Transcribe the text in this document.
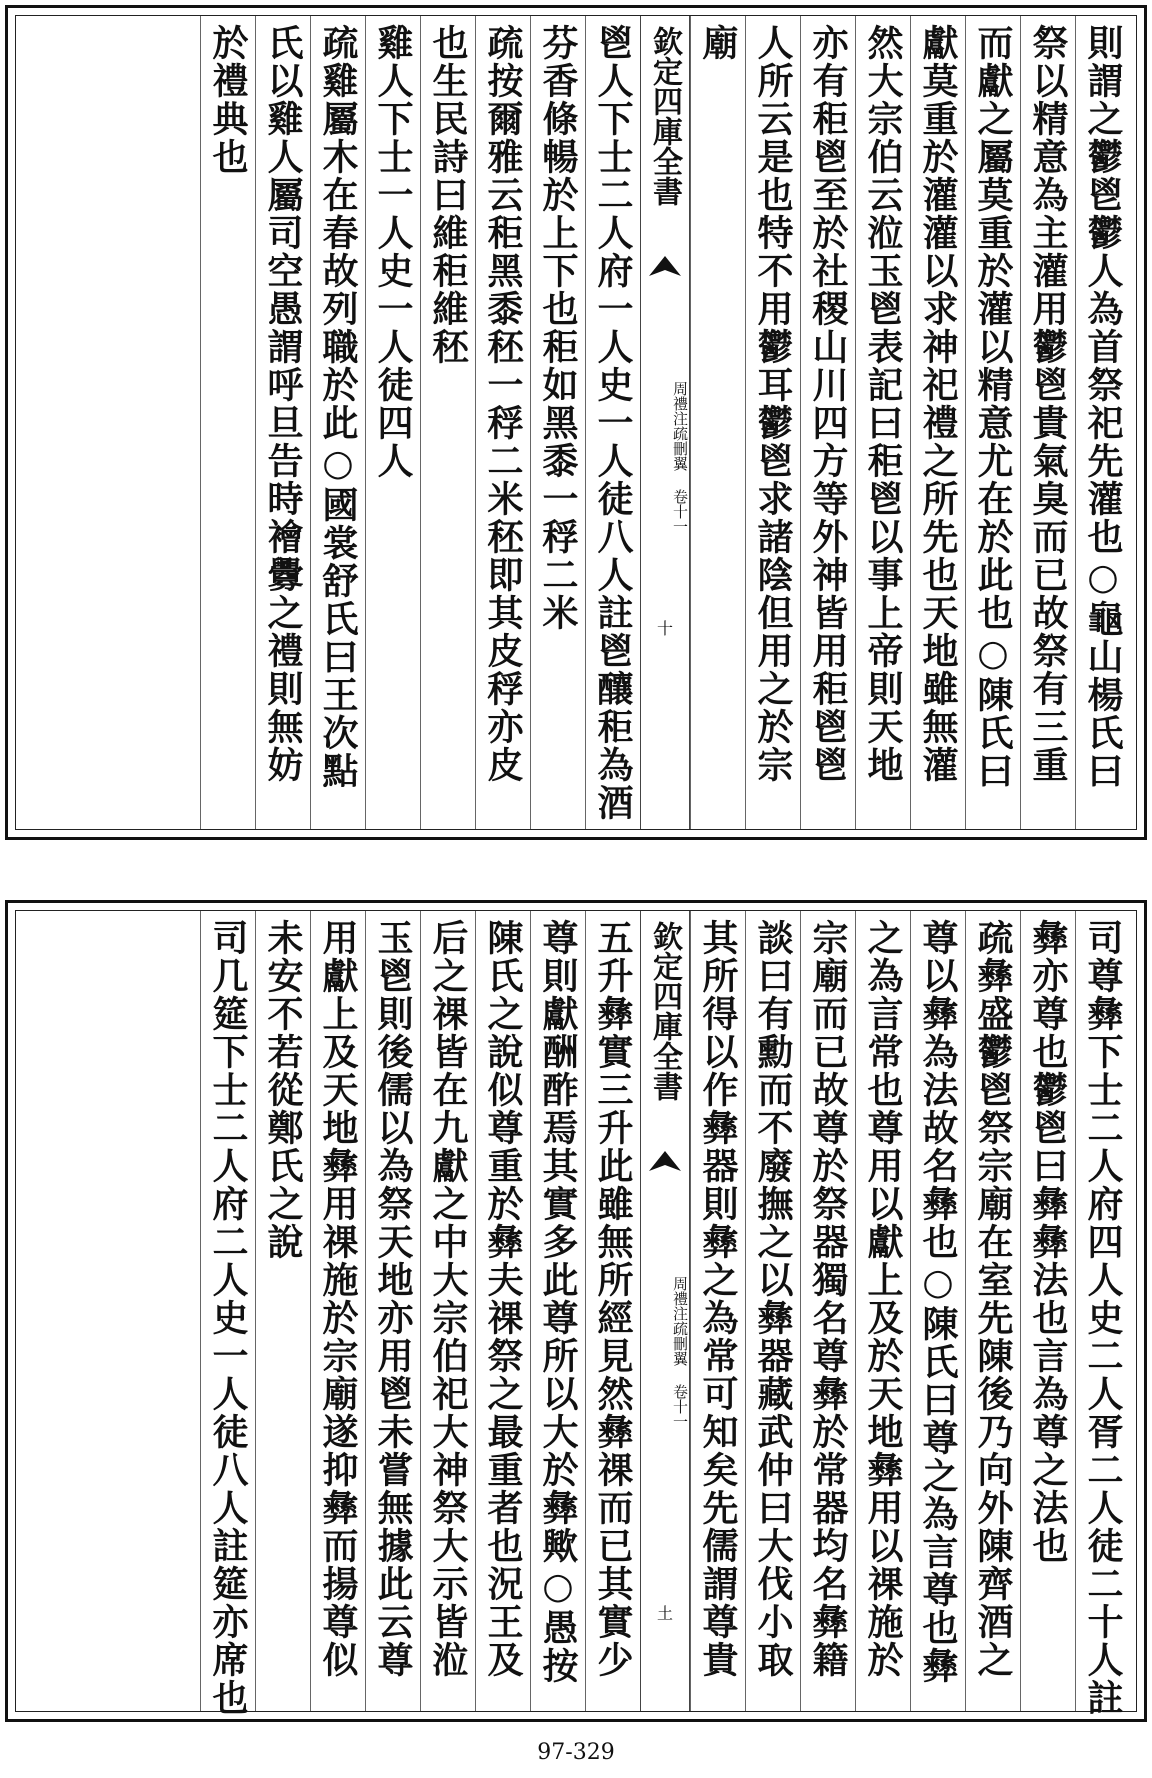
則謂之鬱鬯鬱人為首祭祀先灌也○龜山楊氏曰
祭以精意為主灌用鬱鬯貴氣臭而已故祭有三重
而獻之屬莫重於灌以精意尤在於此也○陳氏曰
獻莫重於灌灌以求神祀禮之所先也天地雖無灌
然大宗伯云涖玉鬯表記曰秬鬯以事上帝則天地
亦有秬鬯至於社稷山川四方等外神皆用秬鬯鬯
人所云是也特不用鬱耳鬱鬯求諸陰但用之於宗
廟
欽定四庫全書
周禮注疏刪翼 卷十一
十
鬯人下士二人府一人史一人徒八人註鬯釀秬為酒
芬香條暢於上下也秬如黑黍一稃二米
疏按爾雅云秬黑黍秠一稃二米秠即其皮稃亦皮
也生民詩曰維秬維秠
雞人下士一人史一人徒四人
疏雞屬木在春故列職於此○國裳舒氏曰王次點
氏以雞人屬司空愚謂呼旦告時襘釁之禮則無妨
於禮典也
司尊彝下士二人府四人史二人胥二人徒二十人註
彝亦尊也鬱鬯曰彝彝法也言為尊之法也
疏彝盛鬱鬯祭宗廟在室先陳後乃向外陳齊酒之
尊以彝為法故名彝也○陳氏曰尊之為言尊也彝
之為言常也尊用以獻上及於天地彝用以祼施於
宗廟而已故尊於祭器獨名尊彝於常器均名彝籍
談曰有勳而不廢撫之以彝器藏武仲曰大伐小取
其所得以作彝器則彝之為常可知矣先儒謂尊貴
欽定四庫全書
周禮注疏刪翼 卷十一
土
五升彝實三升此雖無所經見然彝祼而已其實少
尊則獻酬酢焉其實多此尊所以大於彝歟○愚按
陳氏之說似尊重於彝夫祼祭之最重者也況王及
后之祼皆在九獻之中大宗伯祀大神祭大示皆涖
玉鬯則後儒以為祭天地亦用鬯未嘗無據此云尊
用獻上及天地彝用祼施於宗廟遂抑彝而揚尊似
未安不若從鄭氏之說
司几筵下士二人府二人史一人徒八人註筵亦席也
97-329
